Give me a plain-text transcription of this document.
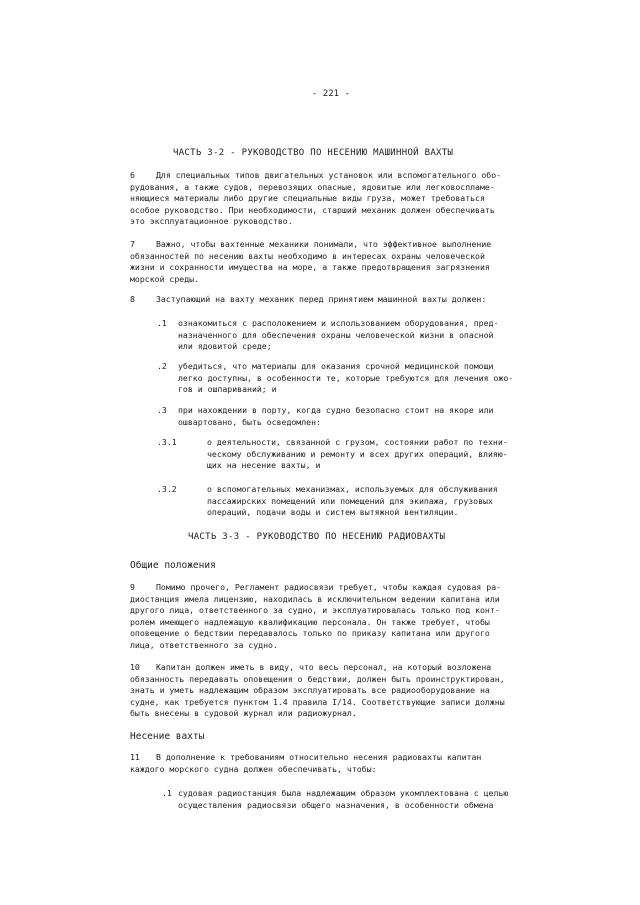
- 221 -
ЧАСТЬ 3-2 - РУКОВОДСТВО ПО НЕСЕНИЮ МАШИННОЙ ВАХТЫ
6	Для специальных типов двигательных установок или вспомогательного обо-
рудования, а также судов, перевозящих опасные, ядовитые или легковоспламе-
няющиеся материалы либо другие специальные виды груза, может требоваться
особое руководство. При необходимости, старший механик должен обеспечивать
это эксплуатационное руководство.
7	Важно, чтобы вахтенные механики понимали, что эффективное выполнение
обязанностей по несению вахты необходимо в интересах охраны человеческой
жизни и сохранности имущества на море, а также предотвращения загрязнения
морской среды.
8	Заступающий на вахту механик перед принятием машинной вахты должен:
.1 ознакомиться с расположением и использованием оборудования, пред-
назначенного для обеспечения охраны человеческой жизни в опасной
или ядовитой среде;
.2 убедиться, что материалы для оказания срочной медицинской помощи
легко доступны, в особенности те, которые требуются для лечения ожо-
гов и ошпариваний; и
.3 при нахождении в порту, когда судно безопасно стоит на якоре или
ошвартовано, быть осведомлен:
.3.1	о деятельности, связанной с грузом, состоянии работ по техни-
ческому обслуживанию и ремонту и всех других операций, влияю-
щих на несение вахты, и
.3.2	о вспомогательных механизмах, используемых для обслуживания
пассажирских помещений или помещений для экипажа, грузовых
операций, подачи воды и систем вытяжной вентиляции.
ЧАСТЬ 3-3 - РУКОВОДСТВО ПО НЕСЕНИЮ РАДИОВАХТЫ
Общие положения
9	Помимо прочего, Регламент радиосвязи требует, чтобы каждая судовая ра-
диостанция имела лицензию, находилась в исключительном ведении капитана или
другого лица, ответственного за судно, и эксплуатировалась только под конт-
ролем имеющего надлежащую квалификацию персонала. Он также требует, чтобы
оповещение о бедствии передавалось только по приказу капитана или другого
лица, ответственного за судно.
10 Капитан должен иметь в виду, что весь персонал, на который возложена
обязанность передавать оповещения о бедствии, должен быть проинструктирован,
знать и уметь надлежащим образом эксплуатировать все радиооборудование на
судне, как требуется пунктом 1.4 правила I/14. Соответствующие записи должны
быть внесены в судовой журнал или радиожурнал.
Несение вахты
11 В дополнение к требованиям относительно несения радиовахты капитан
каждого морского судна должен обеспечивать, чтобы:
.1 судовая радиостанция была надлежащим образом укомплектована с целью
осуществления радиосвязи общего назначения, в особенности обмена
